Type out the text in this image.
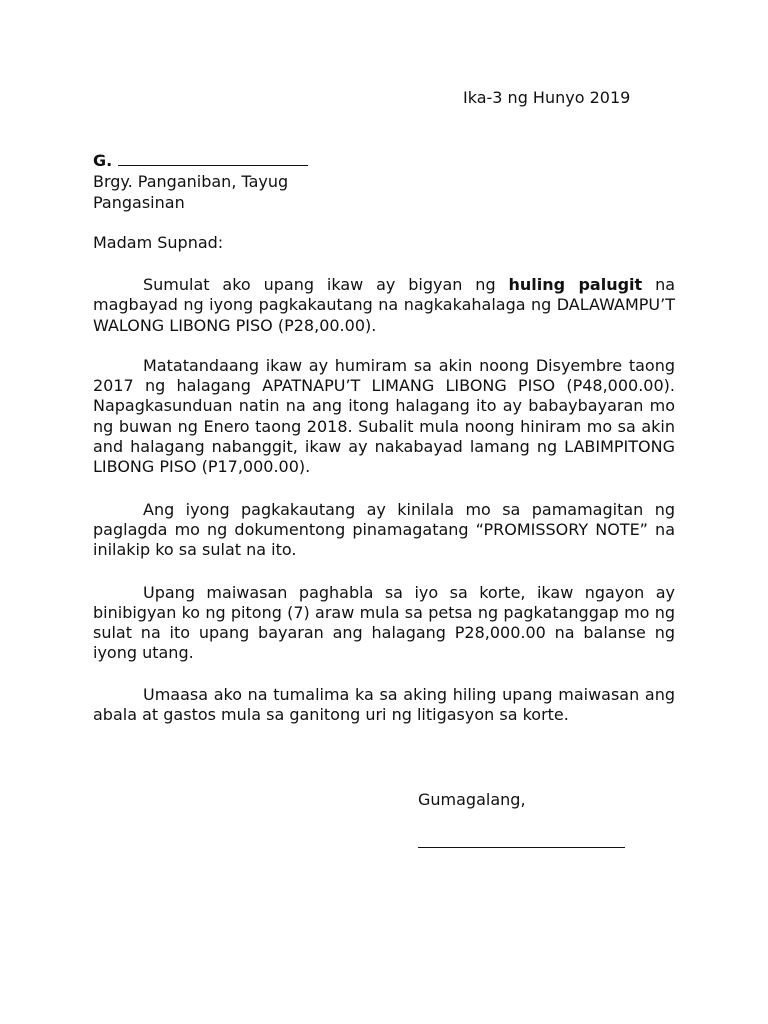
Ika-3 ng Hunyo 2019
G.
Brgy. Panganiban, Tayug
Pangasinan
Madam Supnad:

Sumulat ako upang ikaw ay bigyan ng huling palugit na magbayad ng iyong pagkakautang na nagkakahalaga ng DALAWAMPU’T WALONG LIBONG PISO (P28,00.00).

Matatandaang ikaw ay humiram sa akin noong Disyembre taong 2017 ng halagang APATNAPU’T LIMANG LIBONG PISO (P48,000.00). Napagkasunduan natin na ang itong halagang ito ay babaybayaran mo ng buwan ng Enero taong 2018. Subalit mula noong hiniram mo sa akin and halagang nabanggit, ikaw ay nakabayad lamang ng LABIMPITONG LIBONG PISO (P17,000.00).

Ang iyong pagkakautang ay kinilala mo sa pamamagitan ng paglagda mo ng dokumentong pinamagatang “PROMISSORY NOTE” na inilakip ko sa sulat na ito.

Upang maiwasan paghabla sa iyo sa korte, ikaw ngayon ay binibigyan ko ng pitong (7) araw mula sa petsa ng pagkatanggap mo ng sulat na ito upang bayaran ang halagang P28,000.00 na balanse ng iyong utang.

Umaasa ako na tumalima ka sa aking hiling upang maiwasan ang abala at gastos mula sa ganitong uri ng litigasyon sa korte.

Gumagalang,
